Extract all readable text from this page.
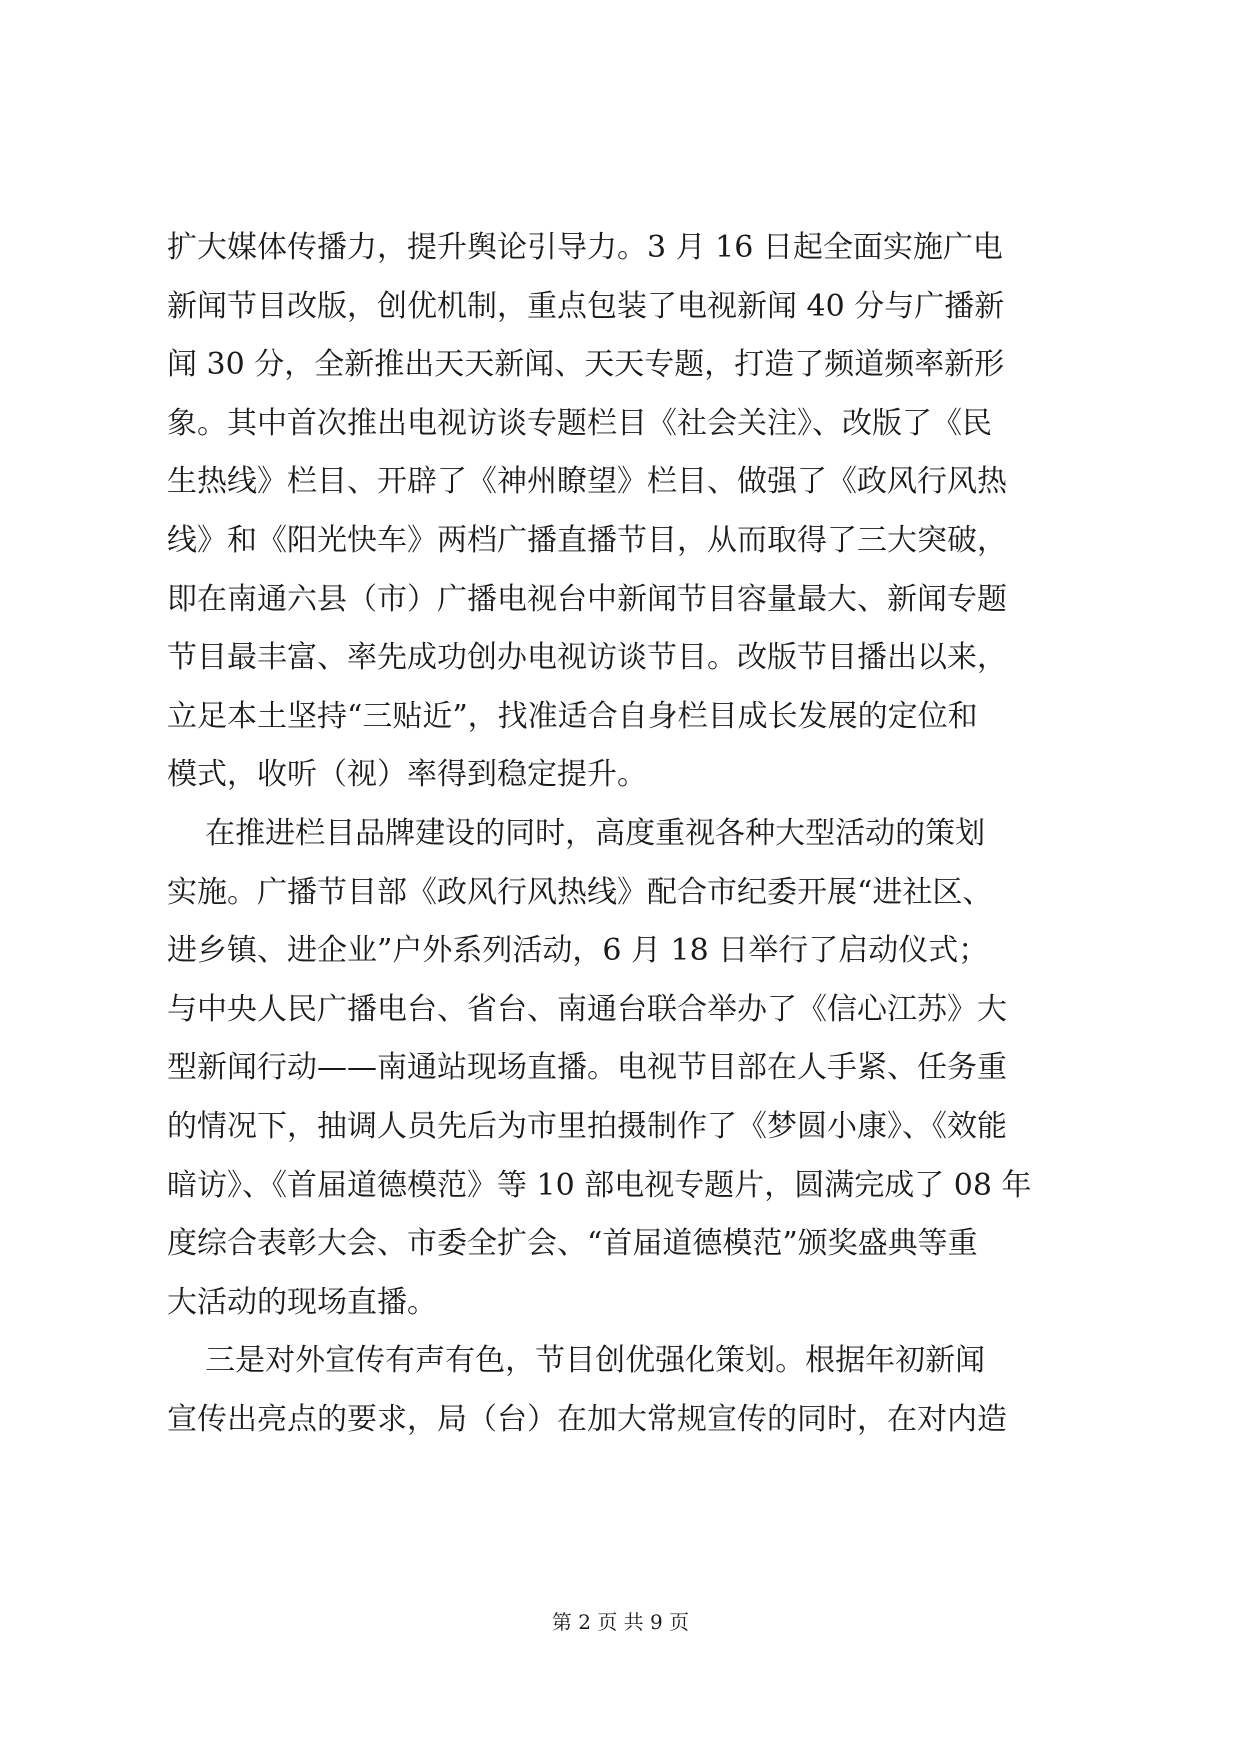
扩大媒体传播力，提升舆论引导力。3 月 16 日起全面实施广电
新闻节目改版，创优机制，重点包装了电视新闻 40 分与广播新
闻 30 分，全新推出天天新闻、天天专题，打造了频道频率新形
象。其中首次推出电视访谈专题栏目《社会关注》、改版了《民
生热线》栏目、开辟了《神州瞭望》栏目、做强了《政风行风热
线》和《阳光快车》两档广播直播节目，从而取得了三大突破，
即在南通六县（市）广播电视台中新闻节目容量最大、新闻专题
节目最丰富、率先成功创办电视访谈节目。改版节目播出以来，
立足本土坚持“三贴近”，找准适合自身栏目成长发展的定位和
模式，收听（视）率得到稳定提升。
在推进栏目品牌建设的同时，高度重视各种大型活动的策划
实施。广播节目部《政风行风热线》配合市纪委开展“进社区、
进乡镇、进企业”户外系列活动，6 月 18 日举行了启动仪式；
与中央人民广播电台、省台、南通台联合举办了《信心江苏》大
型新闻行动——南通站现场直播。电视节目部在人手紧、任务重
的情况下，抽调人员先后为市里拍摄制作了《梦圆小康》、《效能
暗访》、《首届道德模范》等 10 部电视专题片，圆满完成了 08 年
度综合表彰大会、市委全扩会、“首届道德模范”颁奖盛典等重
大活动的现场直播。
三是对外宣传有声有色，节目创优强化策划。根据年初新闻
宣传出亮点的要求，局（台）在加大常规宣传的同时，在对内造
第 2 页 共 9 页
